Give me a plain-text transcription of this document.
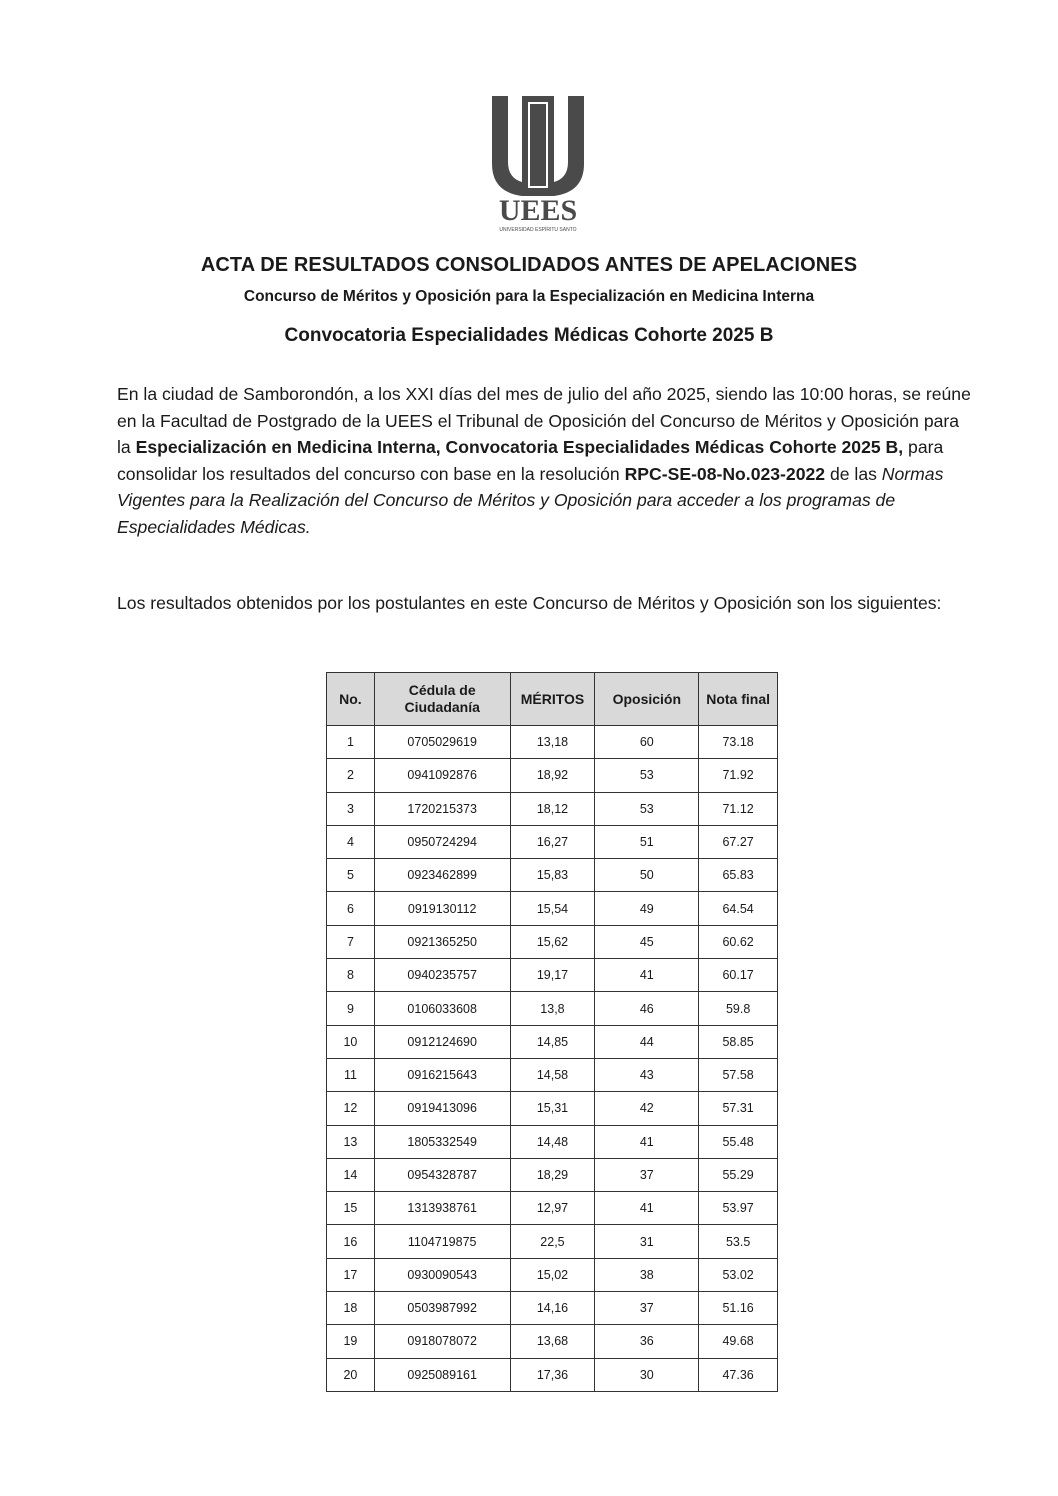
UEES
UNIVERSIDAD ESPÍRITU SANTO
ACTA DE RESULTADOS CONSOLIDADOS ANTES DE APELACIONES
Concurso de Méritos y Oposición para la Especialización en Medicina Interna
Convocatoria Especialidades Médicas Cohorte 2025 B
En la ciudad de Samborondón, a los XXI días del mes de julio del año 2025, siendo las 10:00 horas, se reúne en la Facultad de Postgrado de la UEES el Tribunal de Oposición del Concurso de Méritos y Oposición para la Especialización en Medicina Interna, Convocatoria Especialidades Médicas Cohorte 2025 B, para consolidar los resultados del concurso con base en la resolución RPC-SE-08-No.023-2022 de las Normas Vigentes para la Realización del Concurso de Méritos y Oposición para acceder a los programas de Especialidades Médicas.
Los resultados obtenidos por los postulantes en este Concurso de Méritos y Oposición son los siguientes:
No.	Cédula de Ciudadanía	MÉRITOS	Oposición	Nota final
1	0705029619	13,18	60	73.18
2	0941092876	18,92	53	71.92
3	1720215373	18,12	53	71.12
4	0950724294	16,27	51	67.27
5	0923462899	15,83	50	65.83
6	0919130112	15,54	49	64.54
7	0921365250	15,62	45	60.62
8	0940235757	19,17	41	60.17
9	0106033608	13,8	46	59.8
10	0912124690	14,85	44	58.85
11	0916215643	14,58	43	57.58
12	0919413096	15,31	42	57.31
13	1805332549	14,48	41	55.48
14	0954328787	18,29	37	55.29
15	1313938761	12,97	41	53.97
16	1104719875	22,5	31	53.5
17	0930090543	15,02	38	53.02
18	0503987992	14,16	37	51.16
19	0918078072	13,68	36	49.68
20	0925089161	17,36	30	47.36
